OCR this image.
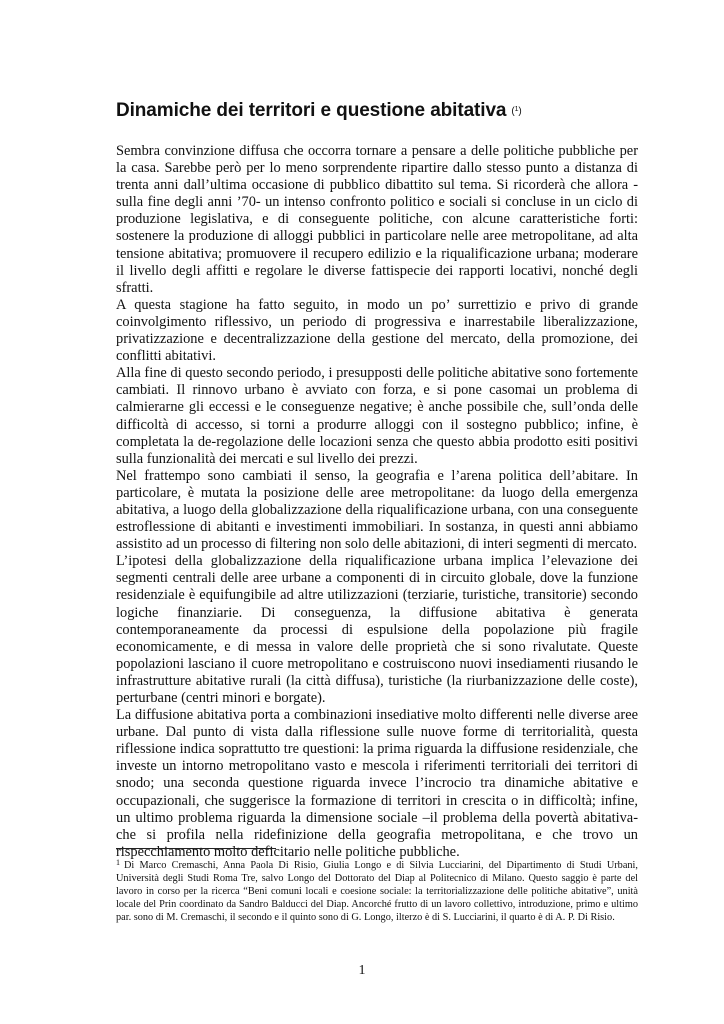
Dinamiche dei territori e questione abitativa ($^1$)

Sembra convinzione diffusa che occorra tornare a pensare a delle politiche pubbliche per la casa. Sarebbe però per lo meno sorprendente ripartire dallo stesso punto a distanza di trenta anni dall’ultima occasione di pubblico dibattito sul tema. Si ricorderà che allora - sulla fine degli anni ’70- un intenso confronto politico e sociali si concluse in un ciclo di produzione legislativa, e di conseguente politiche, con alcune caratteristiche forti: sostenere la produzione di alloggi pubblici in particolare nelle aree metropolitane, ad alta tensione abitativa; promuovere il recupero edilizio e la riqualificazione urbana; moderare il livello degli affitti e regolare le diverse fattispecie dei rapporti locativi, nonché degli sfratti.

A questa stagione ha fatto seguito, in modo un po’ surrettizio e privo di grande coinvolgimento riflessivo, un periodo di progressiva e inarrestabile liberalizzazione, privatizzazione e decentralizzazione della gestione del mercato, della promozione, dei conflitti abitativi.

Alla fine di questo secondo periodo, i presupposti delle politiche abitative sono fortemente cambiati. Il rinnovo urbano è avviato con forza, e si pone casomai un problema di calmierarne gli eccessi e le conseguenze negative; è anche possibile che, sull’onda delle difficoltà di accesso, si torni a produrre alloggi con il sostegno pubblico; infine, è completata la de-regolazione delle locazioni senza che questo abbia prodotto esiti positivi sulla funzionalità dei mercati e sul livello dei prezzi.

Nel frattempo sono cambiati il senso, la geografia e l’arena politica dell’abitare. In particolare, è mutata la posizione delle aree metropolitane: da luogo della emergenza abitativa, a luogo della globalizzazione della riqualificazione urbana, con una conseguente estroflessione di abitanti e investimenti immobiliari. In sostanza, in questi anni abbiamo assistito ad un processo di filtering non solo delle abitazioni, di interi segmenti di mercato.

L’ipotesi della globalizzazione della riqualificazione urbana implica l’elevazione dei segmenti centrali delle aree urbane a componenti di in circuito globale, dove la funzione residenziale è equifungibile ad altre utilizzazioni (terziarie, turistiche, transitorie) secondo logiche finanziarie. Di conseguenza, la diffusione abitativa è generata contemporaneamente da processi di espulsione della popolazione più fragile economicamente, e di messa in valore delle proprietà che si sono rivalutate. Queste popolazioni lasciano il cuore metropolitano e costruiscono nuovi insediamenti riusando le infrastrutture abitative rurali (la città diffusa), turistiche (la riurbanizzazione delle coste), perturbane (centri minori e borgate).

La diffusione abitativa porta a combinazioni insediative molto differenti nelle diverse aree urbane. Dal punto di vista dalla riflessione sulle nuove forme di territorialità, questa riflessione indica soprattutto tre questioni: la prima riguarda la diffusione residenziale, che investe un intorno metropolitano vasto e mescola i riferimenti territoriali dei territori di snodo; una seconda questione riguarda invece l’incrocio tra dinamiche abitative e occupazionali, che suggerisce la formazione di territori in crescita o in difficoltà; infine, un ultimo problema riguarda la dimensione sociale –il problema della povertà abitativa- che si profila nella ridefinizione della geografia metropolitana, e che trovo un rispecchiamento molto deficitario nelle politiche pubbliche.

$^1$ Di Marco Cremaschi, Anna Paola Di Risio, Giulia Longo e di Silvia Lucciarini, del Dipartimento di Studi Urbani, Università degli Studi Roma Tre, salvo Longo del Dottorato del Diap al Politecnico di Milano. Questo saggio è parte del lavoro in corso per la ricerca “Beni comuni locali e coesione sociale: la territorializzazione delle politiche abitative”, unità locale del Prin coordinato da Sandro Balducci del Diap. Ancorché frutto di un lavoro collettivo, introduzione, primo e ultimo par. sono di M. Cremaschi, il secondo e il quinto sono di G. Longo, ilterzo è di S. Lucciarini, il quarto è di A. P. Di Risio.
1
